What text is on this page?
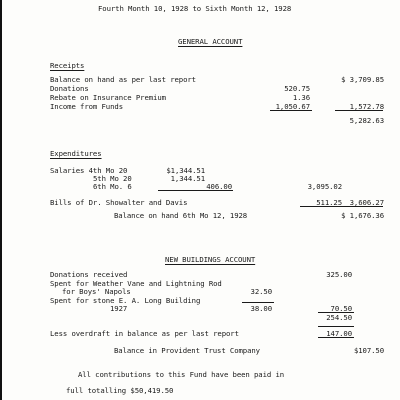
Fourth Month 10, 1928 to Sixth Month 12, 1928
GENERAL ACCOUNT
Receipts
Balance on hand as per last report	$ 3,709.85
Donations	520.75
Rebate on Insurance Premium	1.36
Income from Funds	1,050.67	1,572.78
5,282.63
Expenditures
Salaries 4th Mo 20	$1,344.51
5th Mo 20	1,344.51
6th Mo. 6	406.00	3,095.02
Bills of Dr. Showalter and Davis	511.25 3,606.27
Balance on hand 6th Mo 12, 1928	$ 1,676.36
NEW BUILDINGS ACCOUNT
Donations received	325.00
Spent for Weather Vane and Lightning Rod
for Boys' Napols	32.50
Spent for stone E. A. Long Building
1927	38.00	70.50
254.50
Less overdraft in balance as per last report	147.00
Balance in Provident Trust Company	$107.50
All contributions to this Fund have been paid in
full totalling $50,419.50
